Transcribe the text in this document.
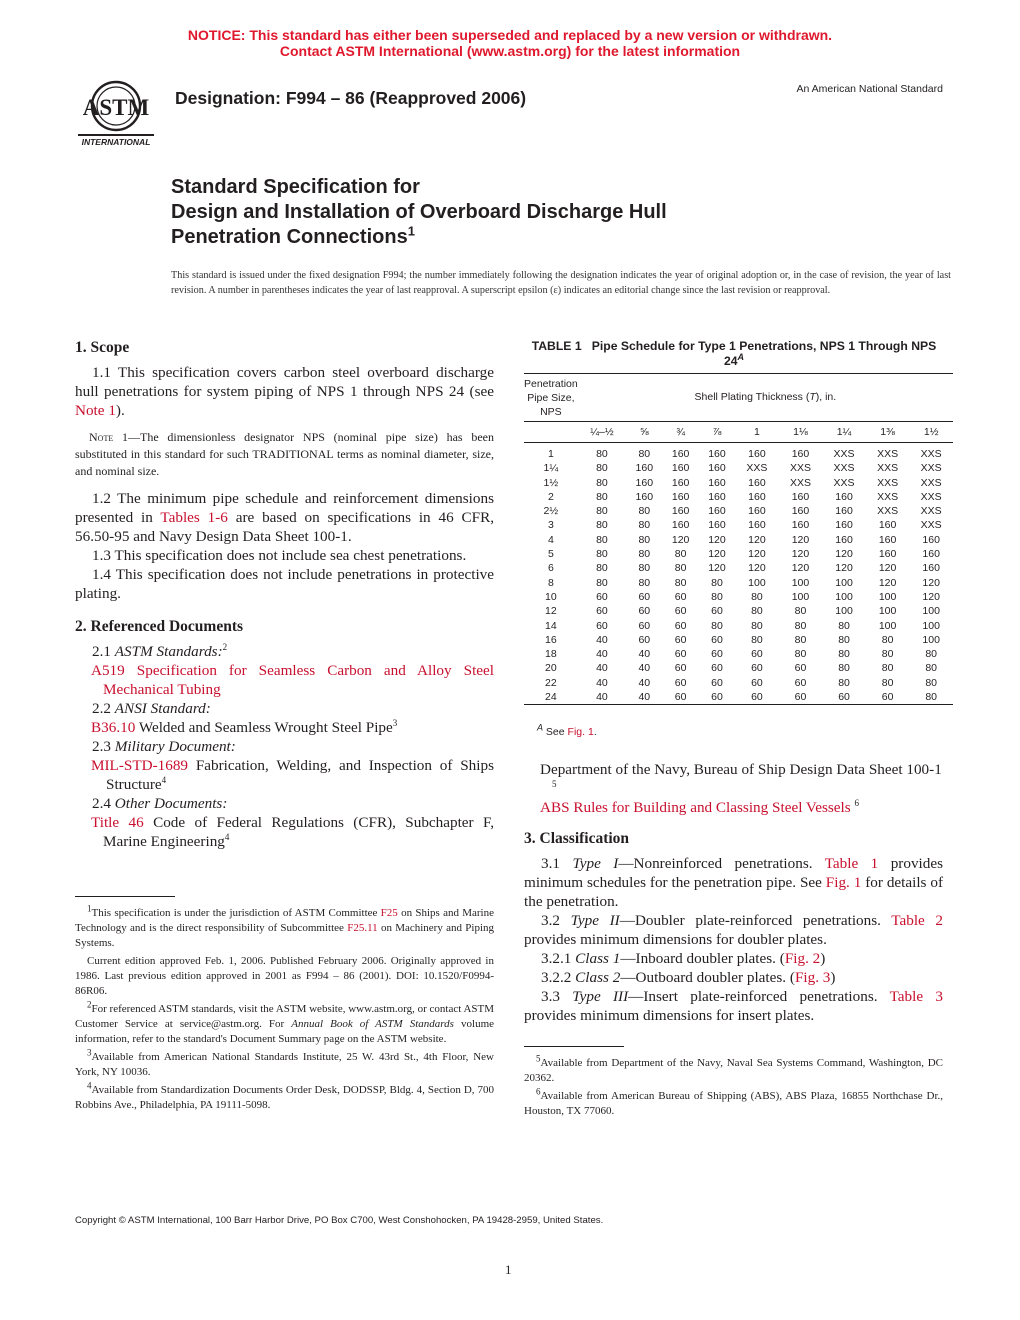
NOTICE: This standard has either been superseded and replaced by a new version or withdrawn.
Contact ASTM International (www.astm.org) for the latest information
ASTM
INTERNATIONAL
Designation: F994 – 86 (Reapproved 2006)	An American National Standard
Standard Specification for
Design and Installation of Overboard Discharge Hull
Penetration Connections$^1$
This standard is issued under the fixed designation F994; the number immediately following the designation indicates the year of original adoption or, in the case of revision, the year of last revision. A number in parentheses indicates the year of last reapproval. A superscript epsilon (ε) indicates an editorial change since the last revision or reapproval.

1. Scope

1.1 This specification covers carbon steel overboard discharge hull penetrations for system piping of NPS 1 through NPS 24 (see Note 1).

Note 1—The dimensionless designator NPS (nominal pipe size) has been substituted in this standard for such TRADITIONAL terms as nominal diameter, size, and nominal size.

1.2 The minimum pipe schedule and reinforcement dimensions presented in Tables 1-6 are based on specifications in 46 CFR, 56.50-95 and Navy Design Data Sheet 100-1.

1.3 This specification does not include sea chest penetrations.

1.4 This specification does not include penetrations in protective plating.

2. Referenced Documents

2.1 ASTM Standards:$^2$

A519 Specification for Seamless Carbon and Alloy Steel Mechanical Tubing

2.2 ANSI Standard:

B36.10 Welded and Seamless Wrought Steel Pipe$^3$

2.3 Military Document:

MIL-STD-1689 Fabrication, Welding, and Inspection of Ships Structure$^4$

2.4 Other Documents:

Title 46 Code of Federal Regulations (CFR), Subchapter F, Marine Engineering$^4$

$^1$This specification is under the jurisdiction of ASTM Committee F25 on Ships and Marine Technology and is the direct responsibility of Subcommittee F25.11 on Machinery and Piping Systems.

Current edition approved Feb. 1, 2006. Published February 2006. Originally approved in 1986. Last previous edition approved in 2001 as F994 – 86 (2001). DOI: 10.1520/F0994-86R06.

$^2$For referenced ASTM standards, visit the ASTM website, www.astm.org, or contact ASTM Customer Service at service@astm.org. For Annual Book of ASTM Standards volume information, refer to the standard's Document Summary page on the ASTM website.

$^3$Available from American National Standards Institute, 25 W. 43rd St., 4th Floor, New York, NY 10036.

$^4$Available from Standardization Documents Order Desk, DODSSP, Bldg. 4, Section D, 700 Robbins Ave., Philadelphia, PA 19111-5098.

TABLE 1 Pipe Schedule for Type 1 Penetrations, NPS 1 Through NPS $24^A$
Penetration Pipe Size, NPS	Shell Plating Thickness (T), in.								
	¼–½	⅝	¾	⅞	1	1⅛	1¼	1⅜	1½
1	80	80	160	160	160	160	XXS	XXS	XXS
1¼	80	160	160	160	XXS	XXS	XXS	XXS	XXS
1½	80	160	160	160	160	XXS	XXS	XXS	XXS
2	80	160	160	160	160	160	160	XXS	XXS
2½	80	80	160	160	160	160	160	XXS	XXS
3	80	80	160	160	160	160	160	160	XXS
4	80	80	120	120	120	120	160	160	160
5	80	80	80	120	120	120	120	160	160
6	80	80	80	120	120	120	120	120	160
8	80	80	80	80	100	100	100	120	120
10	60	60	60	80	80	100	100	100	120
12	60	60	60	60	80	80	100	100	100
14	60	60	60	80	80	80	80	100	100
16	40	60	60	60	80	80	80	80	100
18	40	40	60	60	60	80	80	80	80
20	40	40	60	60	60	60	80	80	80
22	40	40	60	60	60	60	80	80	80
24	40	40	60	60	60	60	60	60	80
$^A$ See Fig. 1.

Department of the Navy, Bureau of Ship Design Data Sheet 100-1 $^5$

ABS Rules for Building and Classing Steel Vessels $^6$

3. Classification

3.1 Type I—Nonreinforced penetrations. Table 1 provides minimum schedules for the penetration pipe. See Fig. 1 for details of the penetration.

3.2 Type II—Doubler plate-reinforced penetrations. Table 2 provides minimum dimensions for doubler plates.

3.2.1 Class 1—Inboard doubler plates. (Fig. 2)

3.2.2 Class 2—Outboard doubler plates. (Fig. 3)

3.3 Type III—Insert plate-reinforced penetrations. Table 3 provides minimum dimensions for insert plates.

$^5$Available from Department of the Navy, Naval Sea Systems Command, Washington, DC 20362.

$^6$Available from American Bureau of Shipping (ABS), ABS Plaza, 16855 Northchase Dr., Houston, TX 77060.

Copyright © ASTM International, 100 Barr Harbor Drive, PO Box C700, West Conshohocken, PA 19428-2959, United States.
1
